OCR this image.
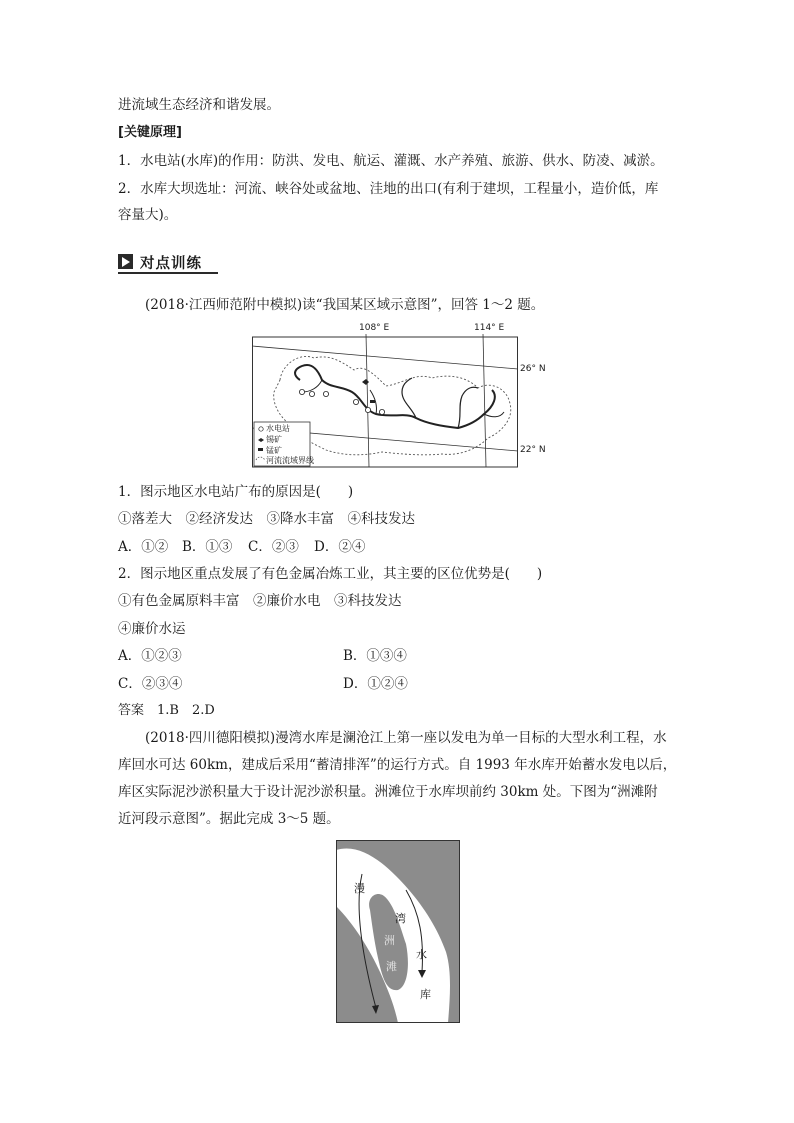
进流域生态经济和谐发展。
[关键原理]
1．水电站(水库)的作用：防洪、发电、航运、灌溉、水产养殖、旅游、供水、防凌、减淤。
2．水库大坝选址：河流、峡谷处或盆地、洼地的出口(有利于建坝，工程量小，造价低，库
容量大)。
对点训练
(2018·江西师范附中模拟)读“我国某区域示意图”，回答 1～2 题。
108° E	114° E
26° N
22° N
水电站
锡矿
锰矿
河流流域界线
1．图示地区水电站广布的原因是(　　)
①落差大　②经济发达　③降水丰富　④科技发达
A．①② B．①③ C．②③ D．②④
2．图示地区重点发展了有色金属冶炼工业，其主要的区位优势是(　　)
①有色金属原料丰富　②廉价水电　③科技发达
④廉价水运
A．①②③	B．①③④
C．②③④	D．①②④
答案　1.B　2.D
(2018·四川德阳模拟)漫湾水库是澜沧江上第一座以发电为单一目标的大型水利工程，水
库回水可达 60km，建成后采用“蓄清排浑”的运行方式。自 1993 年水库开始蓄水发电以后，
库区实际泥沙淤积量大于设计泥沙淤积量。洲滩位于水库坝前约 30km 处。下图为“洲滩附
近河段示意图”。据此完成 3～5 题。
漫
湾
洲
滩
水
库
